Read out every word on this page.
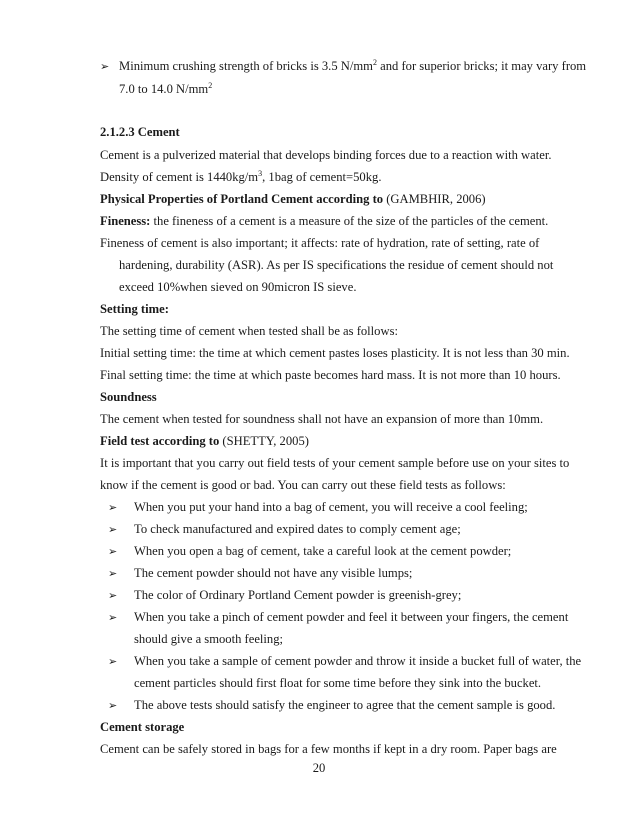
➢ Minimum crushing strength of bricks is 3.5 $N/mm^2$ and for superior bricks; it may vary from
7.0 to 14.0 $N/mm^2$
2.1.2.3 Cement
Cement is a pulverized material that develops binding forces due to a reaction with water.
Density of cement is $1440kg/m^3$, 1bag of cement=50kg.
Physical Properties of Portland Cement according to (GAMBHIR, 2006)
Fineness: the fineness of a cement is a measure of the size of the particles of the cement.
Fineness of cement is also important; it affects: rate of hydration, rate of setting, rate of
hardening, durability (ASR). As per IS specifications the residue of cement should not
exceed 10%when sieved on 90micron IS sieve.
Setting time:
The setting time of cement when tested shall be as follows:
Initial setting time: the time at which cement pastes loses plasticity. It is not less than 30 min.
Final setting time: the time at which paste becomes hard mass. It is not more than 10 hours.
Soundness
The cement when tested for soundness shall not have an expansion of more than 10mm.
Field test according to (SHETTY, 2005)
It is important that you carry out field tests of your cement sample before use on your sites to
know if the cement is good or bad. You can carry out these field tests as follows:
➢ When you put your hand into a bag of cement, you will receive a cool feeling;
➢ To check manufactured and expired dates to comply cement age;
➢ When you open a bag of cement, take a careful look at the cement powder;
➢ The cement powder should not have any visible lumps;
➢ The color of Ordinary Portland Cement powder is greenish-grey;
➢ When you take a pinch of cement powder and feel it between your fingers, the cement
should give a smooth feeling;
➢ When you take a sample of cement powder and throw it inside a bucket full of water, the
cement particles should first float for some time before they sink into the bucket.
➢ The above tests should satisfy the engineer to agree that the cement sample is good.
Cement storage
Cement can be safely stored in bags for a few months if kept in a dry room. Paper bags are
20
